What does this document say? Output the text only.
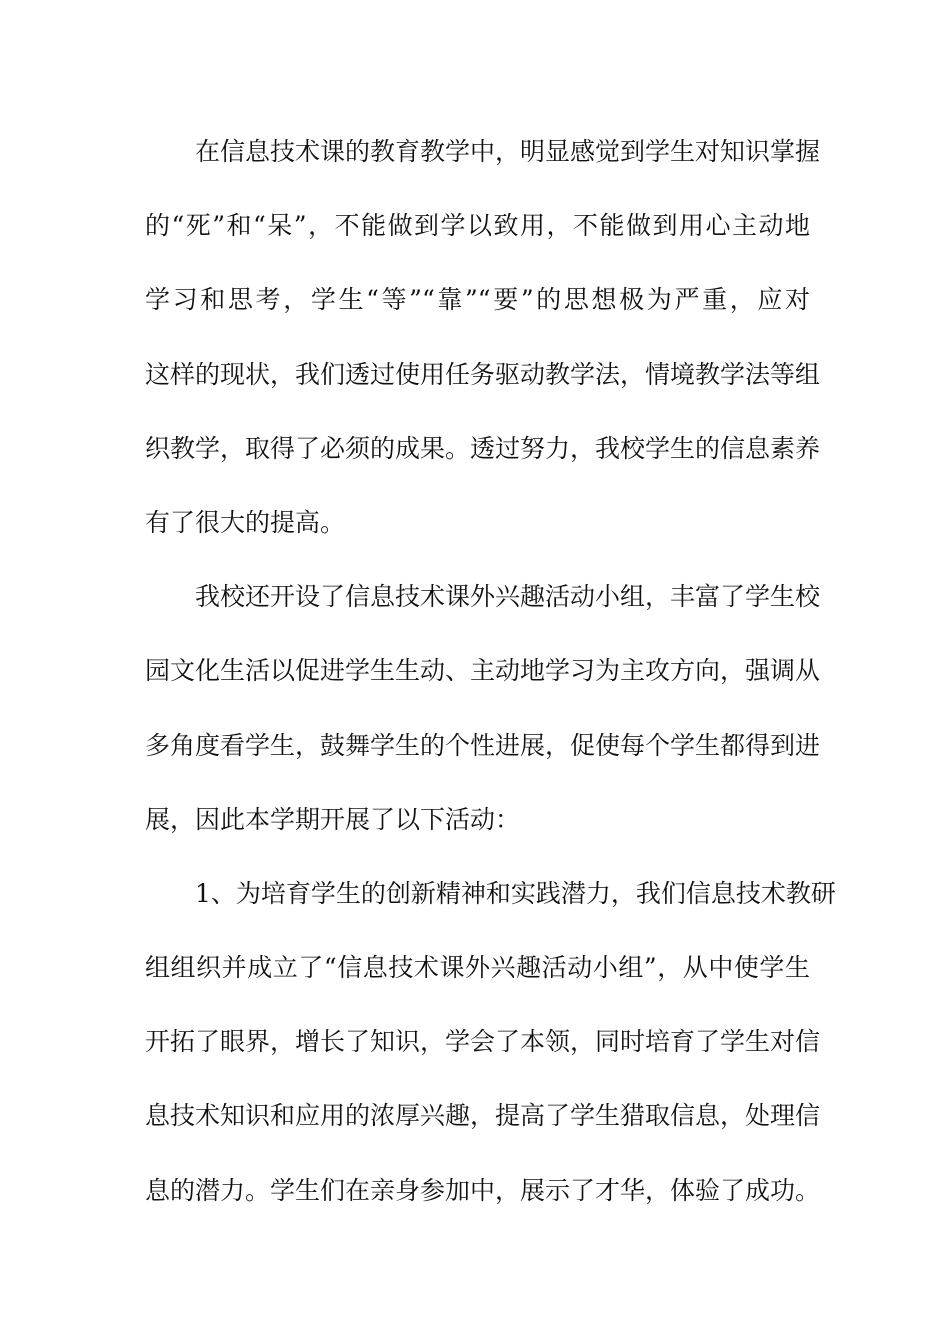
在信息技术课的教育教学中，明显感觉到学生对知识掌握
的“死”和“呆”，不能做到学以致用，不能做到用心主动地
学习和思考，学生“等”“靠”“要”的思想极为严重，应对
这样的现状，我们透过使用任务驱动教学法，情境教学法等组
织教学，取得了必须的成果。透过努力，我校学生的信息素养
有了很大的提高。
我校还开设了信息技术课外兴趣活动小组，丰富了学生校
园文化生活以促进学生生动、主动地学习为主攻方向，强调从
多角度看学生，鼓舞学生的个性进展，促使每个学生都得到进
展，因此本学期开展了以下活动：
1、为培育学生的创新精神和实践潜力，我们信息技术教研
组组织并成立了“信息技术课外兴趣活动小组”，从中使学生
开拓了眼界，增长了知识，学会了本领，同时培育了学生对信
息技术知识和应用的浓厚兴趣，提高了学生猎取信息，处理信
息的潜力。学生们在亲身参加中，展示了才华，体验了成功。
